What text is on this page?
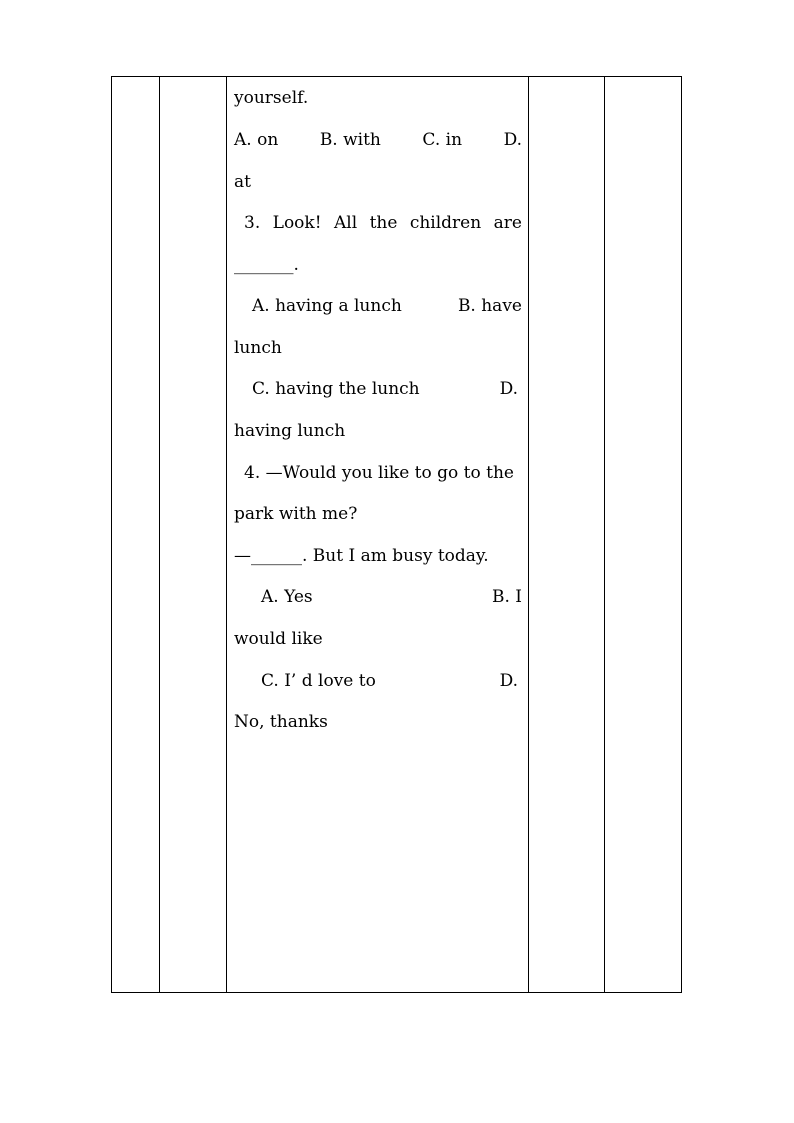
yourself.
A. on B. with C. in D.
at
3. Look! All the children are
_______.
A. having a lunch	B. have
lunch
C. having the lunch	D.
having lunch
4. —Would you like to go to the
park with me?
—______. But I am busy today.
A. Yes	B. I
would like
C. I’ d love to	D.
No, thanks
